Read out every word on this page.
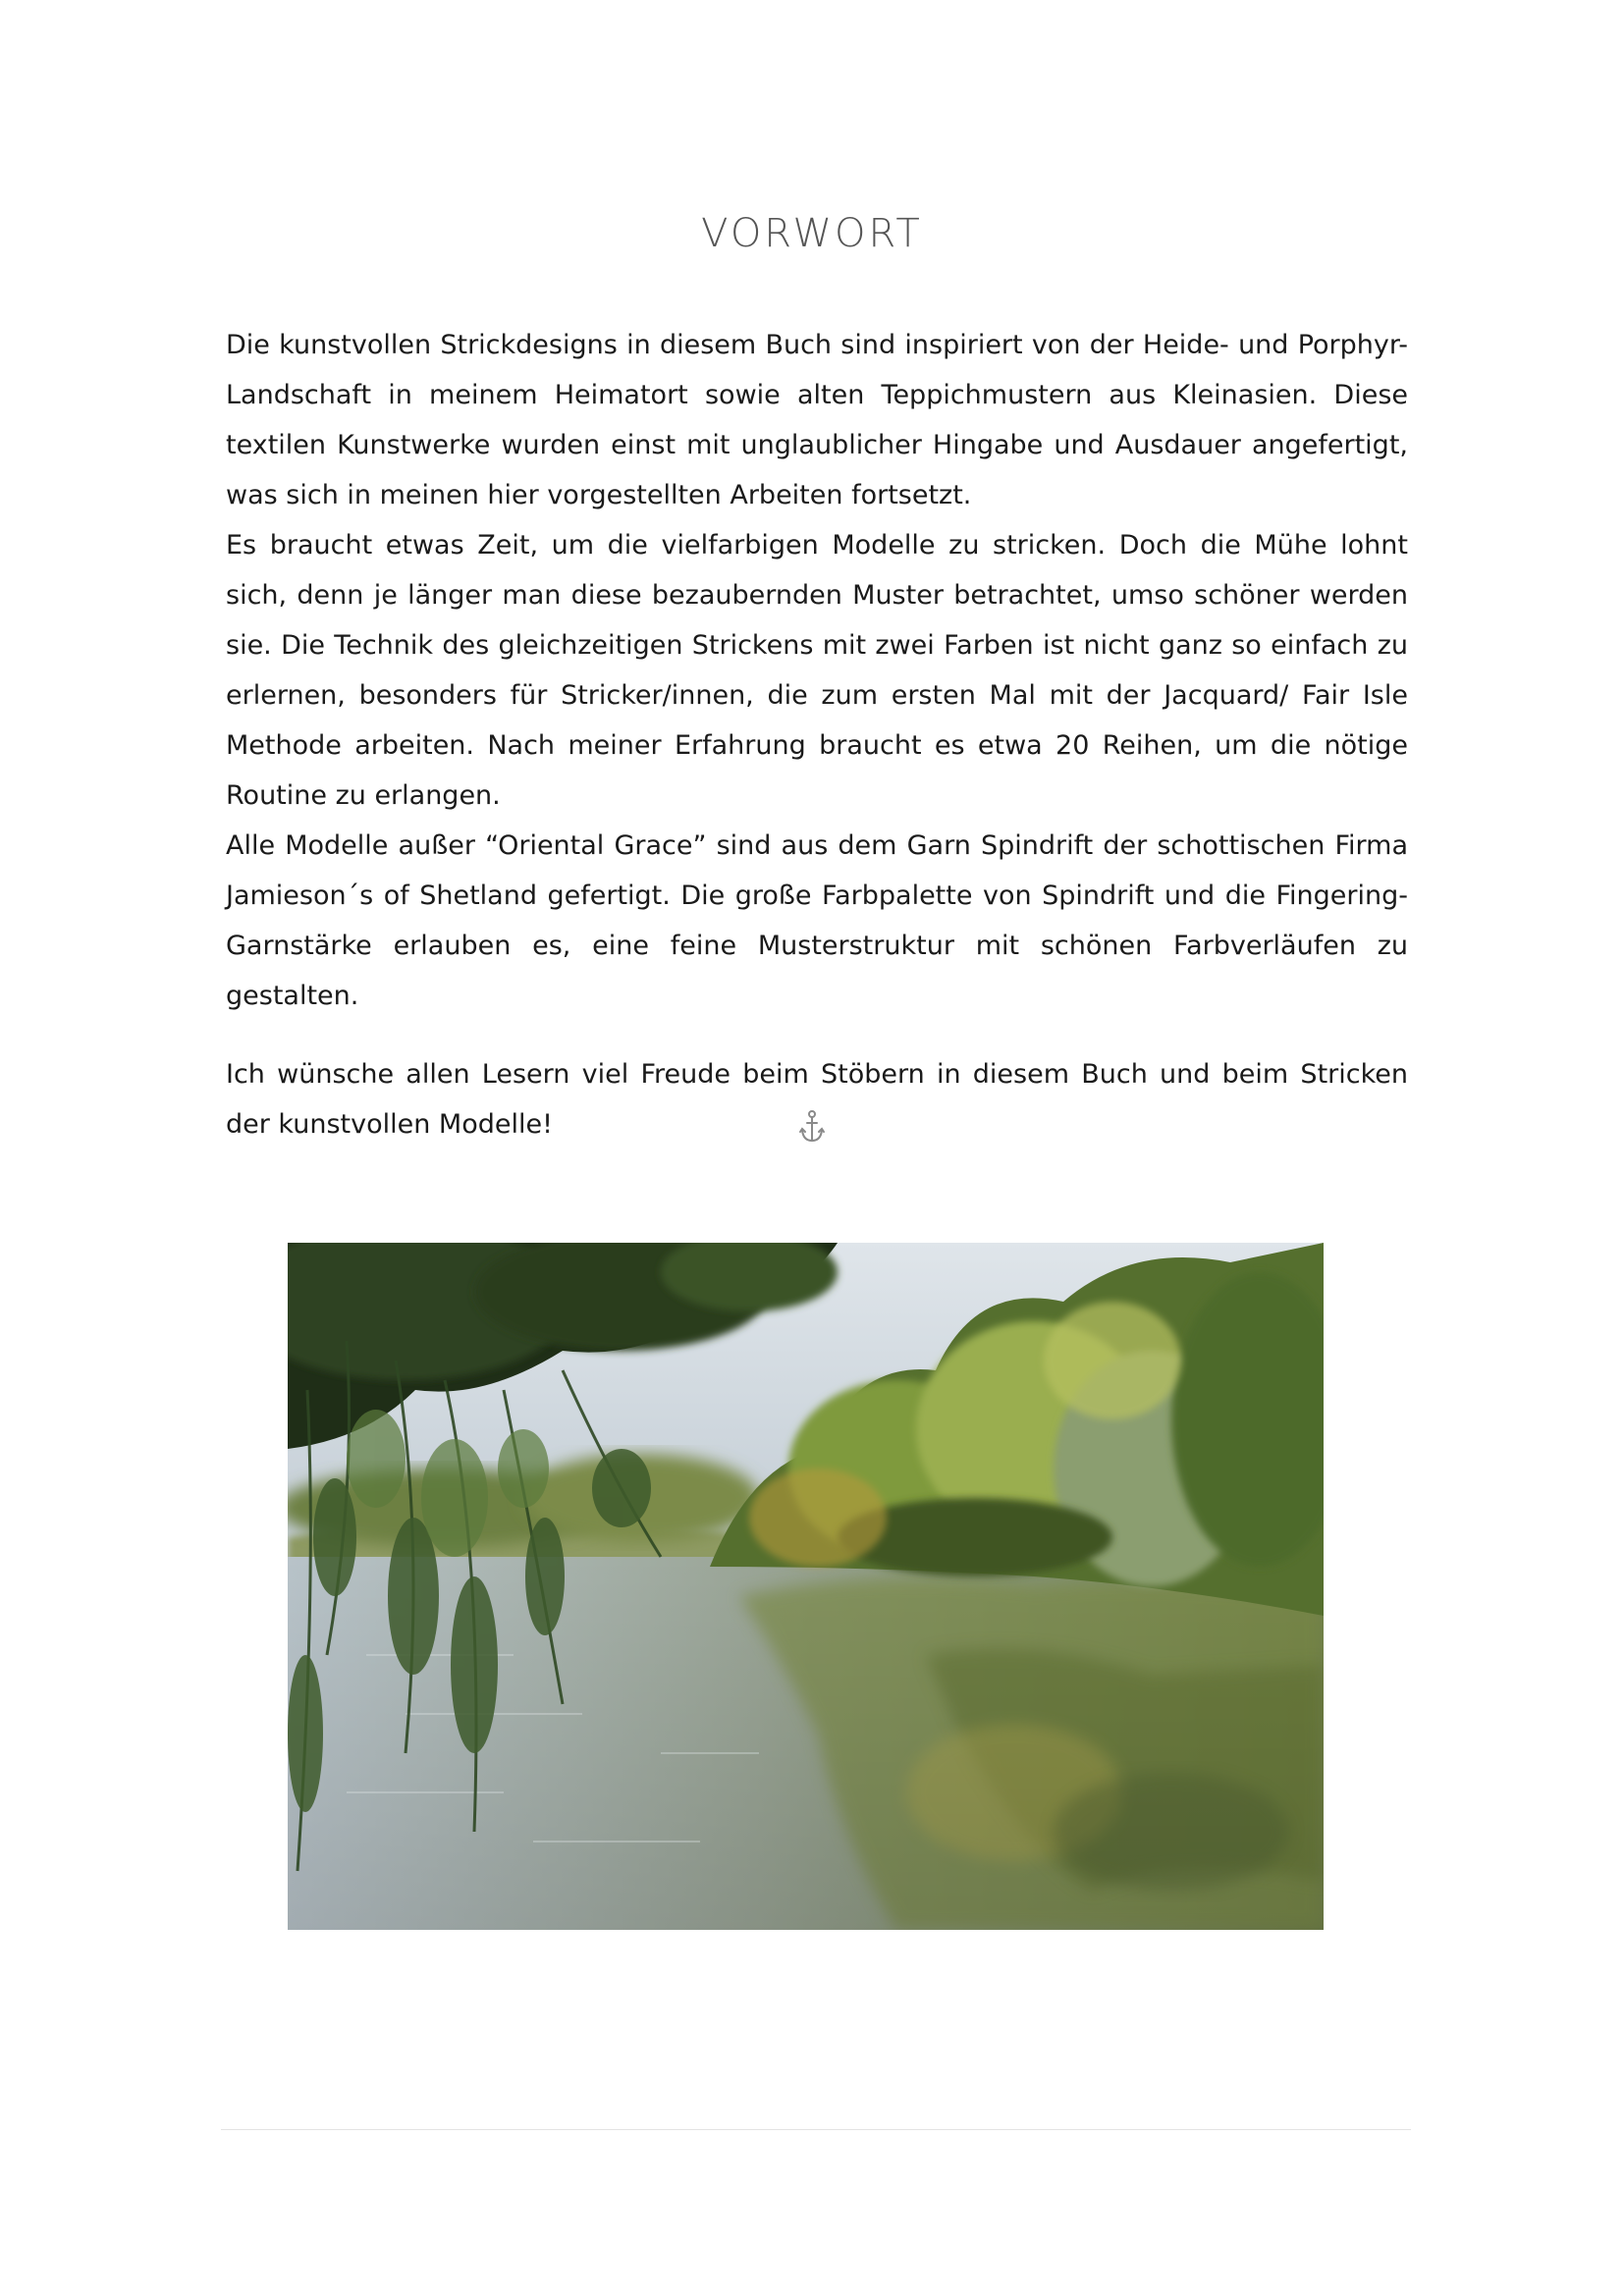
VORWORT

Die kunstvollen Strickdesigns in diesem Buch sind inspiriert von der Heide- und Porphyr-Landschaft in meinem Heimatort sowie alten Teppichmustern aus Kleinasien. Diese textilen Kunstwerke wurden einst mit unglaublicher Hingabe und Ausdauer angefertigt, was sich in meinen hier vorgestellten Arbeiten fortsetzt.

Es braucht etwas Zeit, um die vielfarbigen Modelle zu stricken. Doch die Mühe lohnt sich, denn je länger man diese bezaubernden Muster betrachtet, umso schöner werden sie. Die Technik des gleichzeitigen Strickens mit zwei Farben ist nicht ganz so einfach zu erlernen, besonders für Stricker/innen, die zum ersten Mal mit der Jacquard/ Fair Isle Methode arbeiten. Nach meiner Erfahrung braucht es etwa 20 Reihen, um die nötige Routine zu erlangen.

Alle Modelle außer “Oriental Grace” sind aus dem Garn Spindrift der schottischen Firma Jamieson´s of Shetland gefertigt. Die große Farbpalette von Spindrift und die Fingering-Garnstärke erlauben es, eine feine Musterstruktur mit schönen Farbverläufen zu gestalten.

Ich wünsche allen Lesern viel Freude beim Stöbern in diesem Buch und beim Stricken der kunstvollen Modelle!
